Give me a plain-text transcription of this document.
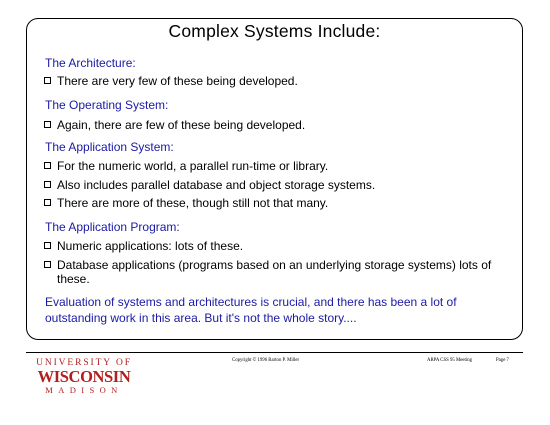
Complex Systems Include:
The Architecture:
There are very few of these being developed.
The Operating System:
Again, there are few of these being developed.
The Application System:
For the numeric world, a parallel run-time or library.
Also includes parallel database and object storage systems.
There are more of these, though still not that many.
The Application Program:
Numeric applications: lots of these.
Database applications (programs based on an underlying storage systems) lots of these.
Evaluation of systems and architectures is crucial, and there has been a lot of outstanding work in this area. But it's not the whole story....
UNIVERSITY OF
WISCONSIN
MADISON
Copyright © 1996 Barton P. Miller	ARPA CSS 95 Meeting	Page 7
